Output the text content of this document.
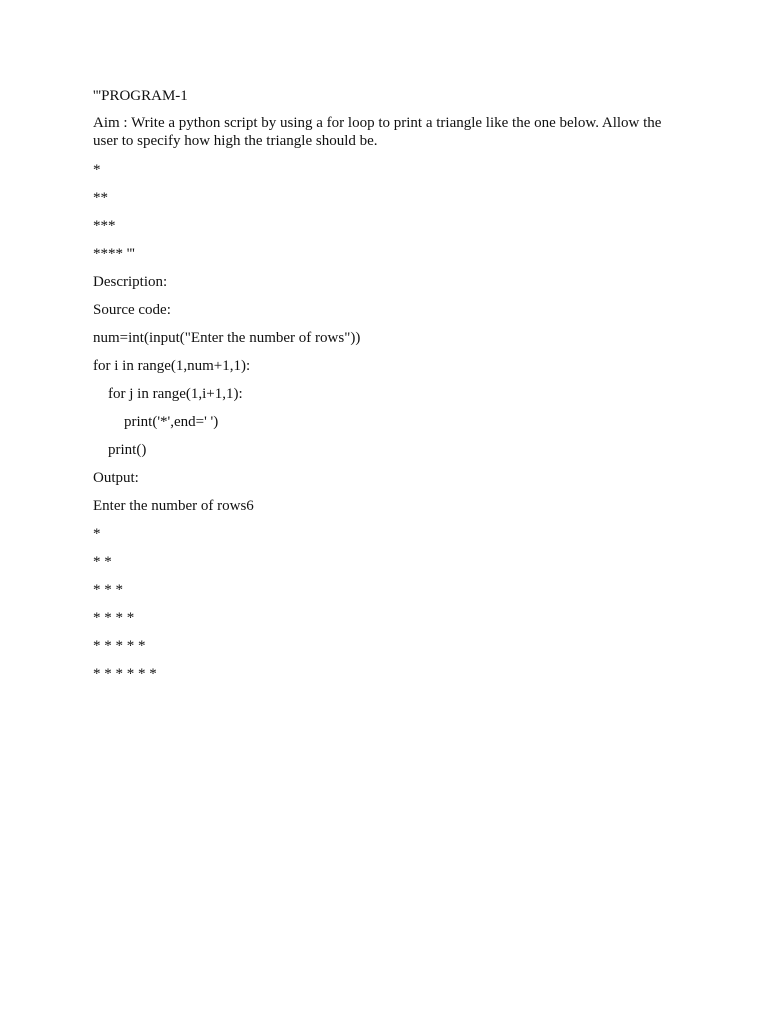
'''PROGRAM-1
Aim : Write a python script by using a for loop to print a triangle like the one below. Allow the user to specify how high the triangle should be.
*
**
***
**** '''
Description:
Source code:
num=int(input("Enter the number of rows"))
for i in range(1,num+1,1):
for j in range(1,i+1,1):
print('*',end=' ')
print()
Output:
Enter the number of rows6
*
* *
* * *
* * * *
* * * * *
* * * * * *
